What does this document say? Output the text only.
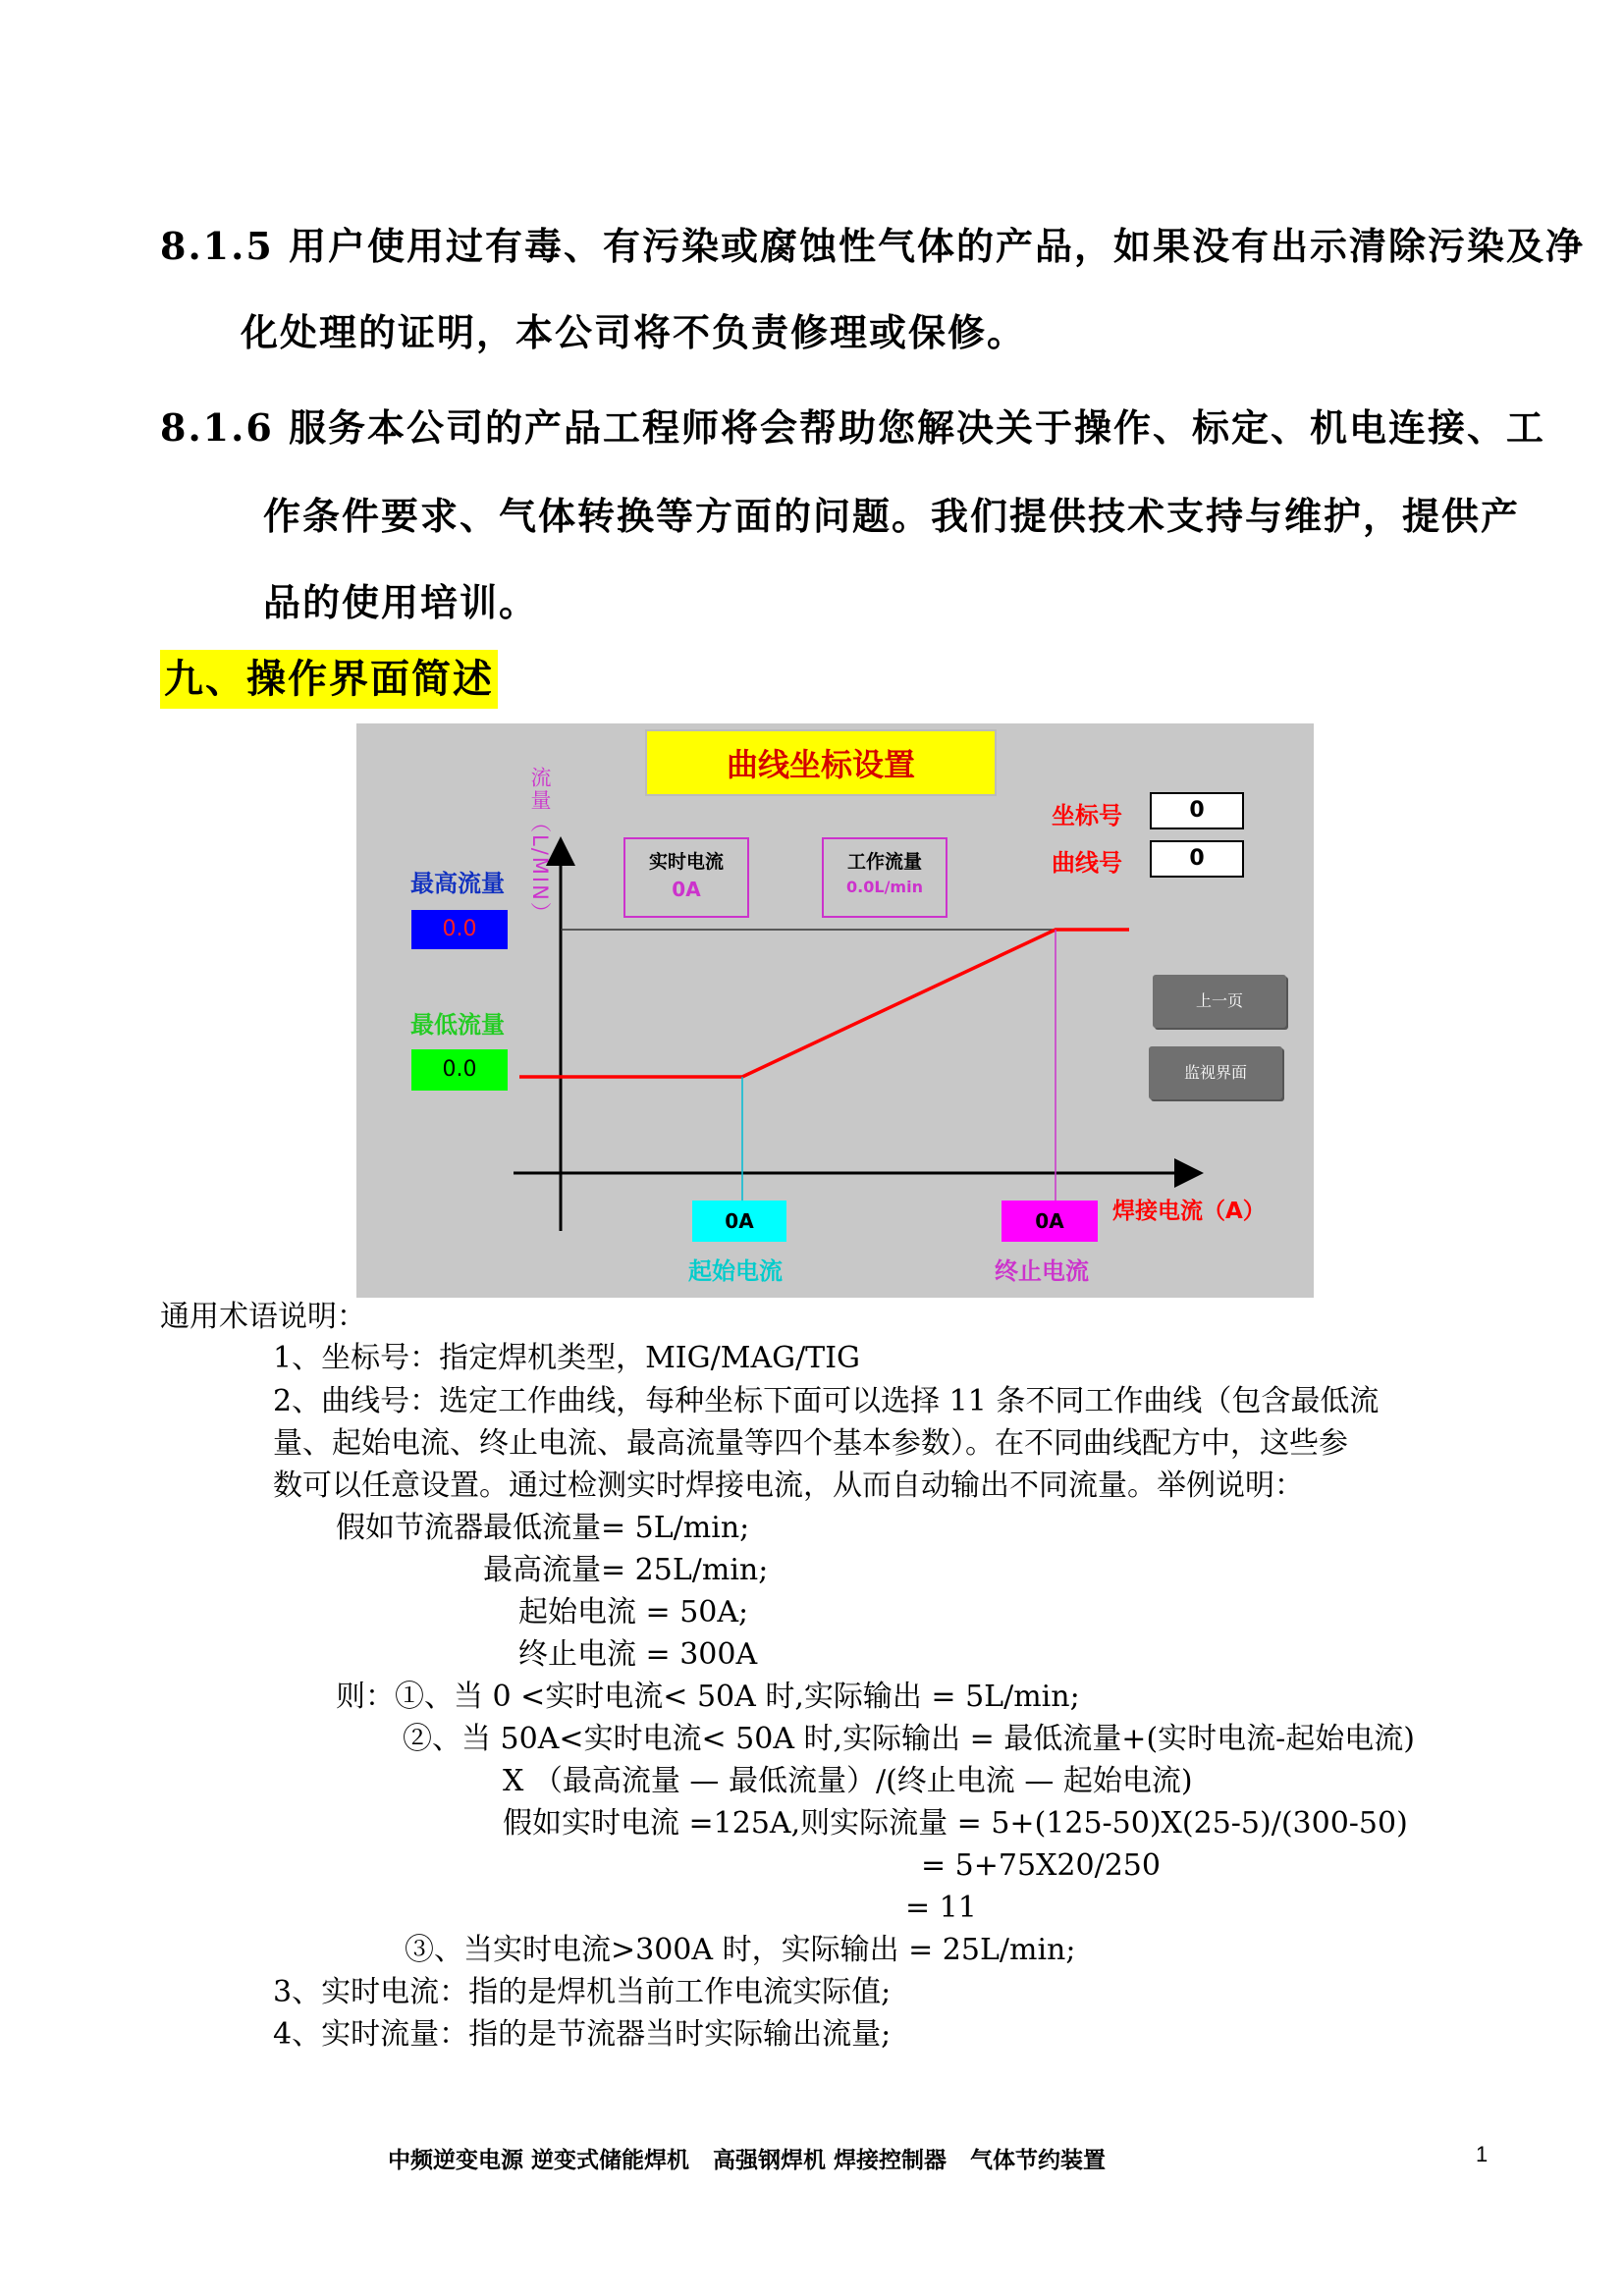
8.1.5 用户使用过有毒、有污染或腐蚀性气体的产品，如果没有出示清除污染及净
化处理的证明，本公司将不负责修理或保修。
8.1.6 服务本公司的产品工程师将会帮助您解决关于操作、标定、机电连接、工
作条件要求、气体转换等方面的问题。我们提供技术支持与维护，提供产
品的使用培训。
九、操作界面简述
曲线坐标设置
坐标号	0
曲线号	0
流量（L/MIN）
最高流量
0.0
最低流量
0.0
实时电流
0A
工作流量
0.0L/min
上一页
监视界面
0A
起始电流
0A
终止电流
焊接电流（A）
通用术语说明：
1、坐标号：指定焊机类型，MIG/MAG/TIG
2、曲线号：选定工作曲线，每种坐标下面可以选择 11 条不同工作曲线（包含最低流
量、起始电流、终止电流、最高流量等四个基本参数）。在不同曲线配方中，这些参
数可以任意设置。通过检测实时焊接电流，从而自动输出不同流量。举例说明：
假如节流器最低流量= 5L/min;
最高流量= 25L/min;
起始电流 = 50A;
终止电流 = 300A
则：①、当 0 <实时电流< 50A 时,实际输出 = 5L/min;
②、当 50A<实时电流< 50A 时,实际输出 = 最低流量+(实时电流-起始电流)
X （最高流量 — 最低流量）/(终止电流 — 起始电流)
假如实时电流 =125A,则实际流量 = 5+(125-50)X(25-5)/(300-50)
= 5+75X20/250
= 11
③、当实时电流>300A 时，实际输出 = 25L/min;
3、实时电流：指的是焊机当前工作电流实际值;
4、实时流量：指的是节流器当时实际输出流量;
中频逆变电源 逆变式储能焊机   高强钢焊机 焊接控制器   气体节约装置	1
